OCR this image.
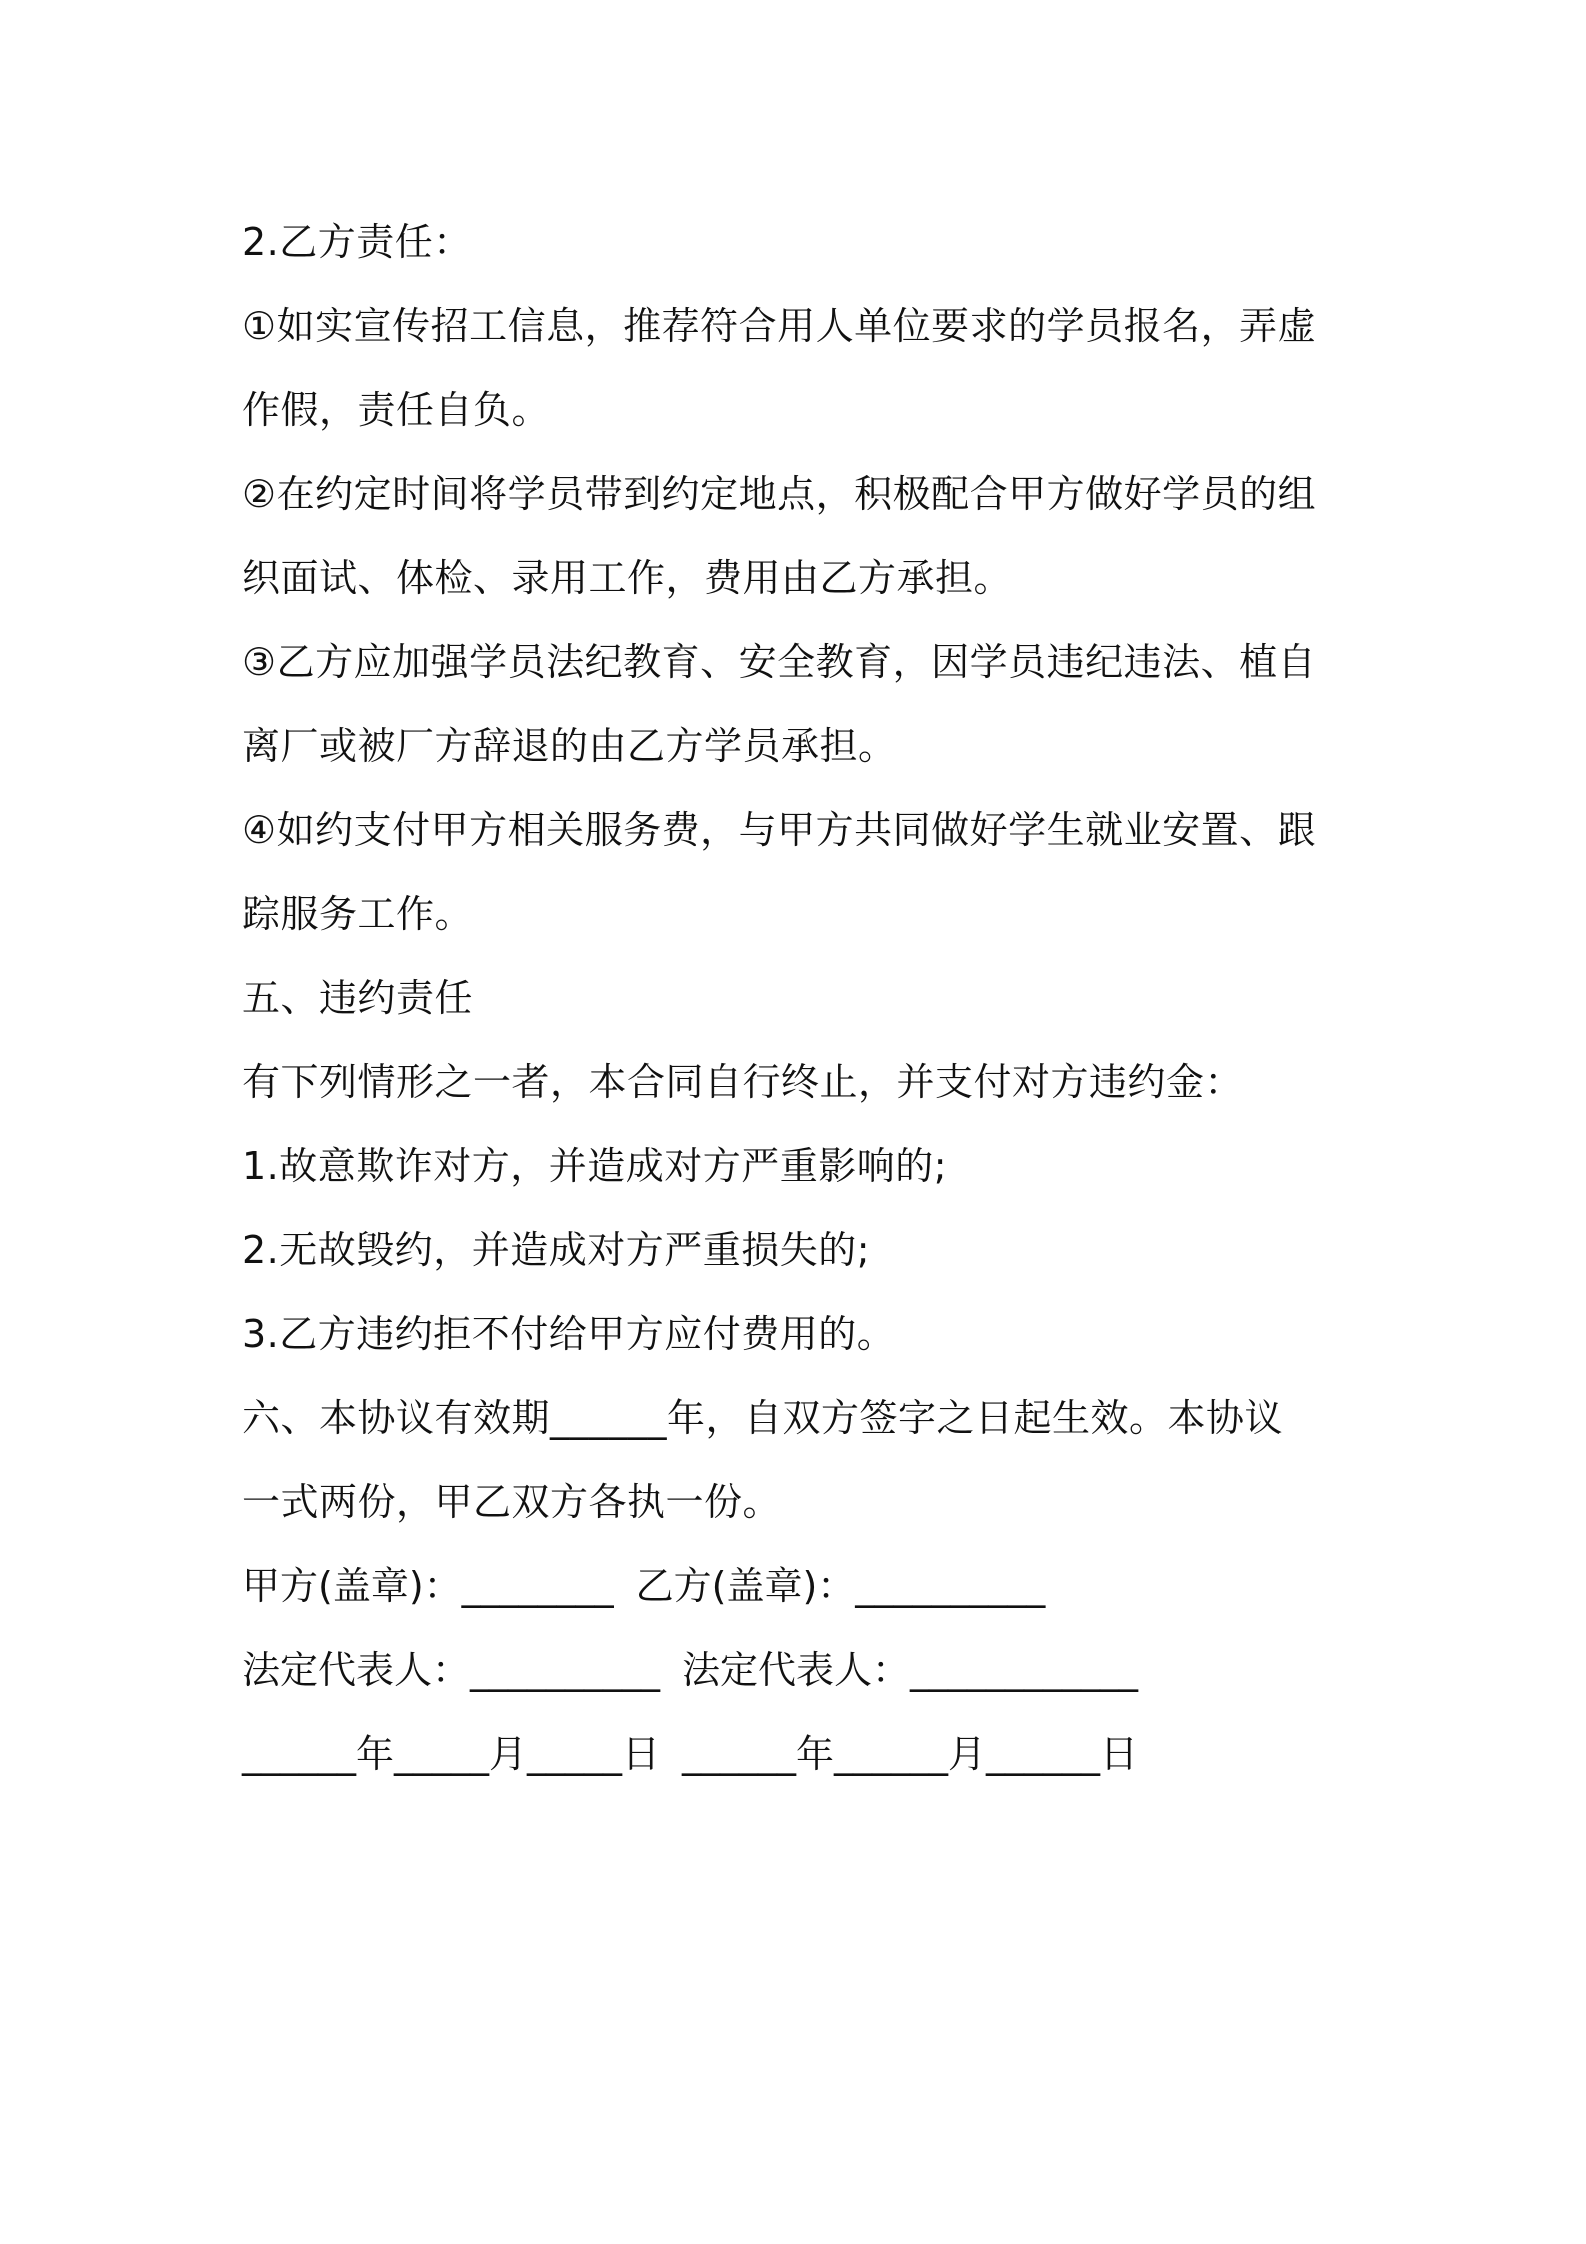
2.乙方责任：
①如实宣传招工信息，推荐符合用人单位要求的学员报名，弄虚
作假，责任自负。
②在约定时间将学员带到约定地点，积极配合甲方做好学员的组
织面试、体检、录用工作，费用由乙方承担。
③乙方应加强学员法纪教育、安全教育，因学员违纪违法、植自
离厂或被厂方辞退的由乙方学员承担。
④如约支付甲方相关服务费，与甲方共同做好学生就业安置、跟
踪服务工作。
五、违约责任
有下列情形之一者，本合同自行终止，并支付对方违约金：
1.故意欺诈对方，并造成对方严重影响的;
2.无故毁约，并造成对方严重损失的;
3.乙方违约拒不付给甲方应付费用的。
六、本协议有效期______年，自双方签字之日起生效。本协议
一式两份，甲乙双方各执一份。
甲方(盖章)：________ 乙方(盖章)：__________
法定代表人：__________ 法定代表人：____________
______年_____月_____日 ______年______月______日
